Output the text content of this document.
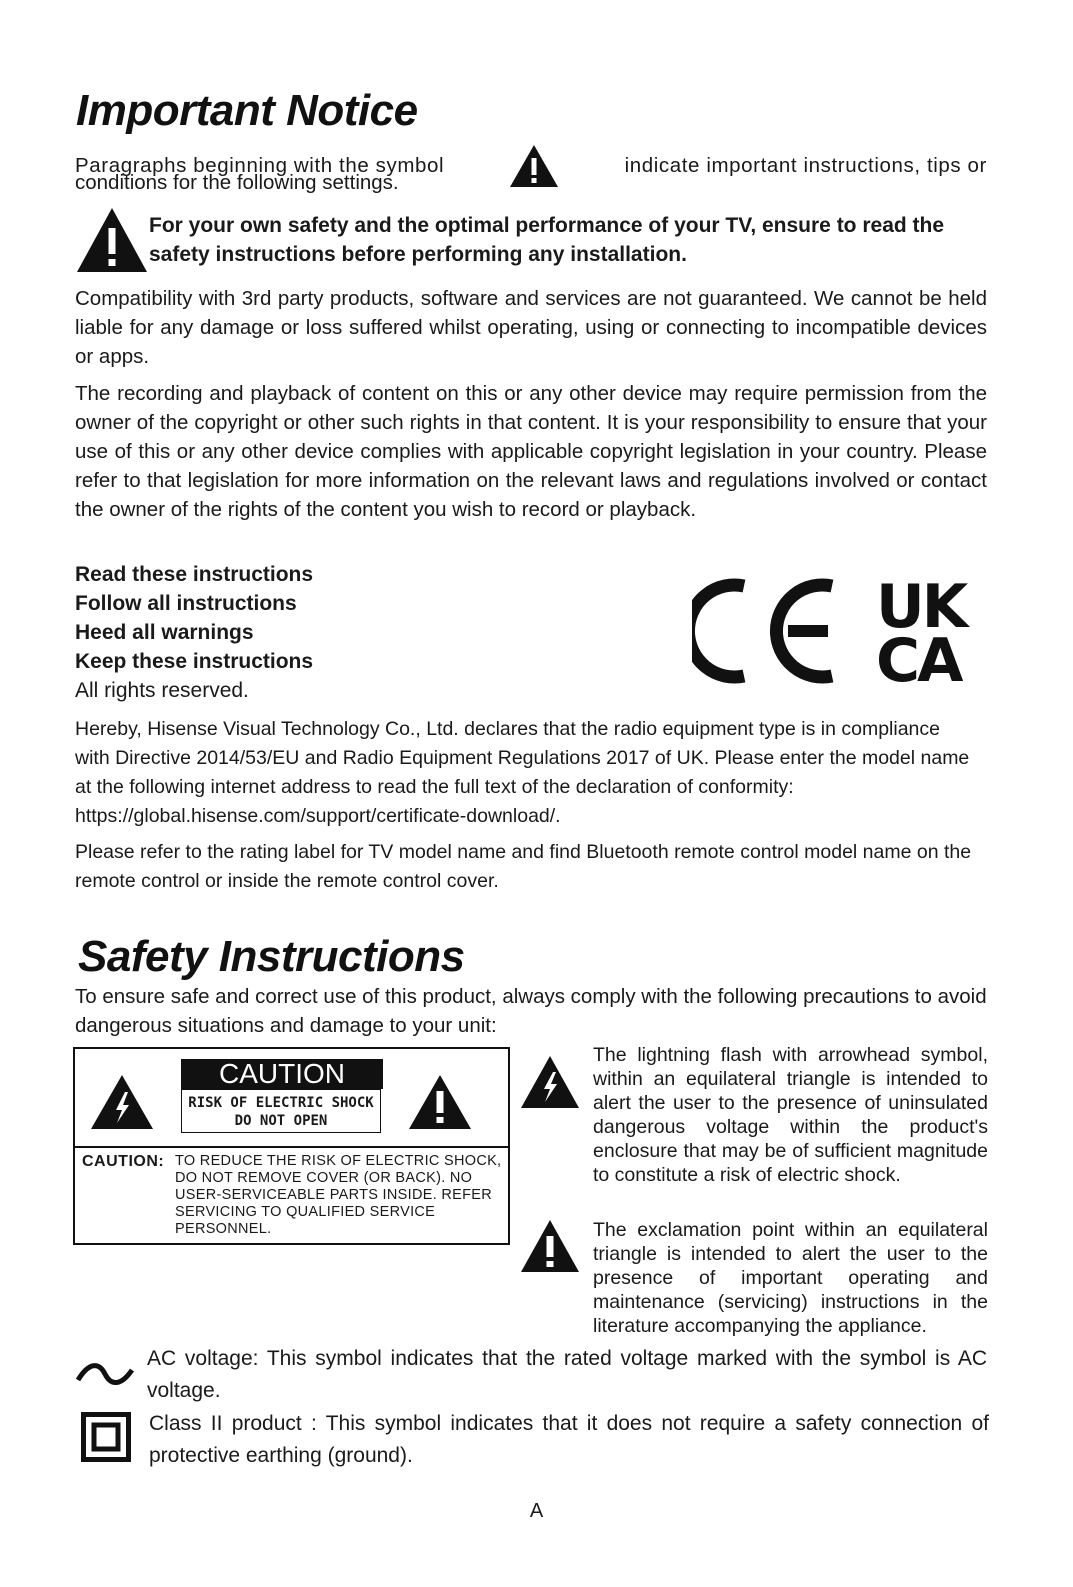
Important Notice
Paragraphs beginning with the symbol	indicate important instructions, tips or
conditions for the following settings.
For your own safety and the optimal performance of your TV, ensure to read the safety instructions before performing any installation.
Compatibility with 3rd party products, software and services are not guaranteed. We cannot be held liable for any damage or loss suffered whilst operating, using or connecting to incompatible devices or apps.
The recording and playback of content on this or any other device may require permission from the owner of the copyright or other such rights in that content. It is your responsibility to ensure that your use of this or any other device complies with applicable copyright legislation in your country. Please refer to that legislation for more information on the relevant laws and regulations involved or contact the owner of the rights of the content you wish to record or playback.
Read these instructions
Follow all instructions
Heed all warnings
Keep these instructions
All rights reserved.
UK
CA
Hereby, Hisense Visual Technology Co., Ltd. declares that the radio equipment type is in compliance with Directive 2014/53/EU and Radio Equipment Regulations 2017 of UK. Please enter the model name at the following internet address to read the full text of the declaration of conformity: https://global.hisense.com/support/certificate-download/.
Please refer to the rating label for TV model name and find Bluetooth remote control model name on the remote control or inside the remote control cover.
Safety Instructions
To ensure safe and correct use of this product, always comply with the following precautions to avoid dangerous situations and damage to your unit:
CAUTION
RISK OF ELECTRIC SHOCK
DO NOT OPEN
CAUTION: TO REDUCE THE RISK OF ELECTRIC SHOCK, DO NOT REMOVE COVER (OR BACK). NO USER-SERVICEABLE PARTS INSIDE. REFER SERVICING TO QUALIFIED SERVICE PERSONNEL.
The lightning flash with arrowhead symbol, within an equilateral triangle is intended to alert the user to the presence of uninsulated dangerous voltage within the product's enclosure that may be of sufficient magnitude to constitute a risk of electric shock.
The exclamation point within an equilateral triangle is intended to alert the user to the presence of important operating and maintenance (servicing) instructions in the literature accompanying the appliance.
AC voltage: This symbol indicates that the rated voltage marked with the symbol is AC voltage.
Class II product : This symbol indicates that it does not require a safety connection of protective earthing (ground).
A
